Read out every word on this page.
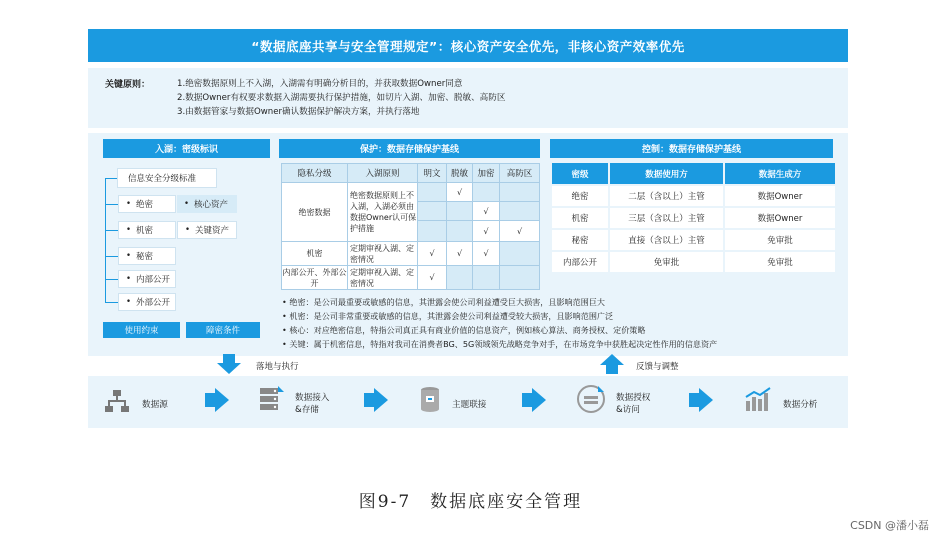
“数据底座共享与安全管理规定”：核心资产安全优先，非核心资产效率优先
关键原则：	1.绝密数据原则上不入湖，入湖需有明确分析目的，并获取数据Owner同意
2.数据Owner有权要求数据入湖需要执行保护措施，如切片入湖、加密、脱敏、高防区
3.由数据管家与数据Owner确认数据保护解决方案，并执行落地
入湖：密级标识
信息安全分级标准
• 绝密	• 核心资产
• 机密	• 关键资产
• 秘密
• 内部公开
• 外部公开
使用约束	障密条件
保护：数据存储保护基线
隐私分级	入湖原则	明文	脱敏	加密	高防区
绝密数据	绝密数据原则上不入湖，入湖必须由数据Owner认可保护措施		√		
				√	
				√	√
机密	定期审视入湖、定密情况	√	√	√	
内部公开、外部公开	定期审视入湖、定密情况	√			
控制：数据存储保护基线
密级	数据使用方	数据生成方
绝密	二层（含以上）主管	数据Owner
机密	三层（含以上）主管	数据Owner
秘密	直接（含以上）主管	免审批
内部公开	免审批	免审批
• 绝密：是公司最重要或敏感的信息，其泄露会使公司利益遭受巨大损害，且影响范围巨大
• 机密：是公司非常重要或敏感的信息，其泄露会使公司利益遭受较大损害，且影响范围广泛
• 核心：对应绝密信息，特指公司真正具有商业价值的信息资产，例如核心算法、商务授权、定价策略
• 关键：属于机密信息，特指对我司在消费者BG、5G领域领先战略竞争对手，在市场竞争中获胜起决定性作用的信息资产
落地与执行	反馈与调整
数据源
数据接入
&存储	主题联接
数据授权
&访问	数据分析
图9-7　数据底座安全管理
CSDN @潘小磊
